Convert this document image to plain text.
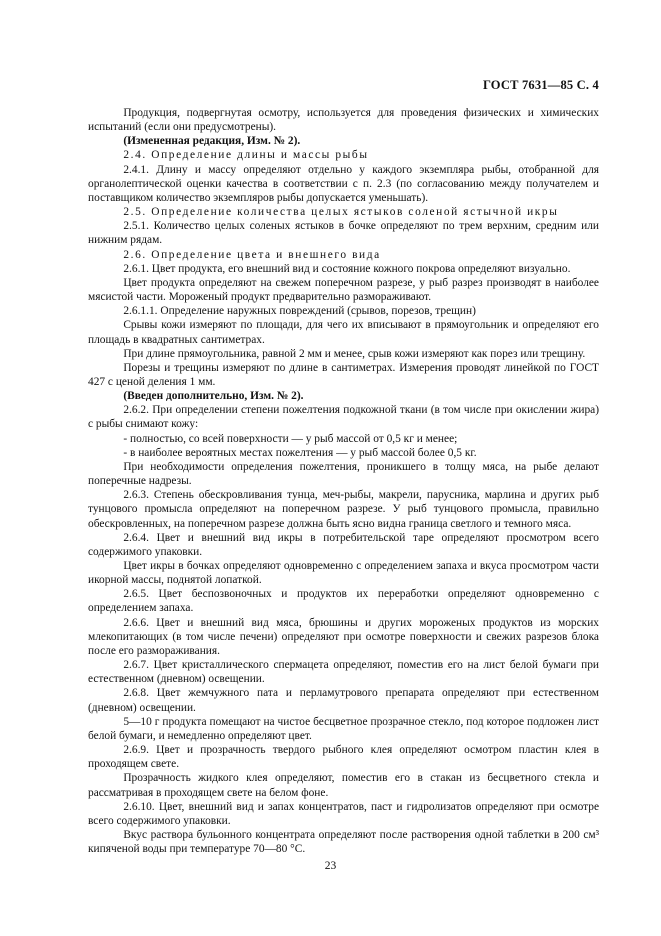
ГОСТ 7631—85 С. 4

Продукция, подвергнутая осмотру, используется для проведения физических и химических испытаний (если они предусмотрены).

(Измененная редакция, Изм. № 2).

2.4. Определение длины и массы рыбы

2.4.1. Длину и массу определяют отдельно у каждого экземпляра рыбы, отобранной для органолептической оценки качества в соответствии с п. 2.3 (по согласованию между получателем и поставщиком количество экземпляров рыбы допускается уменьшать).

2.5. Определение количества целых ястыков соленой ястычной икры

2.5.1. Количество целых соленых ястыков в бочке определяют по трем верхним, средним или нижним рядам.

2.6. Определение цвета и внешнего вида

2.6.1. Цвет продукта, его внешний вид и состояние кожного покрова определяют визуально.

Цвет продукта определяют на свежем поперечном разрезе, у рыб разрез производят в наиболее мясистой части. Мороженый продукт предварительно размораживают.

2.6.1.1. Определение наружных повреждений (срывов, порезов, трещин)

Срывы кожи измеряют по площади, для чего их вписывают в прямоугольник и определяют его площадь в квадратных сантиметрах.

При длине прямоугольника, равной 2 мм и менее, срыв кожи измеряют как порез или трещину.

Порезы и трещины измеряют по длине в сантиметрах. Измерения проводят линейкой по ГОСТ 427 с ценой деления 1 мм.

(Введен дополнительно, Изм. № 2).

2.6.2. При определении степени пожелтения подкожной ткани (в том числе при окислении жира) с рыбы снимают кожу:

- полностью, со всей поверхности — у рыб массой от 0,5 кг и менее;

- в наиболее вероятных местах пожелтения — у рыб массой более 0,5 кг.

При необходимости определения пожелтения, проникшего в толщу мяса, на рыбе делают поперечные надрезы.

2.6.3. Степень обескровливания тунца, меч-рыбы, макрели, парусника, марлина и других рыб тунцового промысла определяют на поперечном разрезе. У рыб тунцового промысла, правильно обескровленных, на поперечном разрезе должна быть ясно видна граница светлого и темного мяса.

2.6.4. Цвет и внешний вид икры в потребительской таре определяют просмотром всего содержимого упаковки.

Цвет икры в бочках определяют одновременно с определением запаха и вкуса просмотром части икорной массы, поднятой лопаткой.

2.6.5. Цвет беспозвоночных и продуктов их переработки определяют одновременно с определением запаха.

2.6.6. Цвет и внешний вид мяса, брюшины и других мороженых продуктов из морских млекопитающих (в том числе печени) определяют при осмотре поверхности и свежих разрезов блока после его размораживания.

2.6.7. Цвет кристаллического спермацета определяют, поместив его на лист белой бумаги при естественном (дневном) освещении.

2.6.8. Цвет жемчужного пата и перламутрового препарата определяют при естественном (дневном) освещении.

5—10 г продукта помещают на чистое бесцветное прозрачное стекло, под которое подложен лист белой бумаги, и немедленно определяют цвет.

2.6.9. Цвет и прозрачность твердого рыбного клея определяют осмотром пластин клея в проходящем свете.

Прозрачность жидкого клея определяют, поместив его в стакан из бесцветного стекла и рассматривая в проходящем свете на белом фоне.

2.6.10. Цвет, внешний вид и запах концентратов, паст и гидролизатов определяют при осмотре всего содержимого упаковки.

Вкус раствора бульонного концентрата определяют после растворения одной таблетки в 200 см³ кипяченой воды при температуре 70—80 °С.

23
